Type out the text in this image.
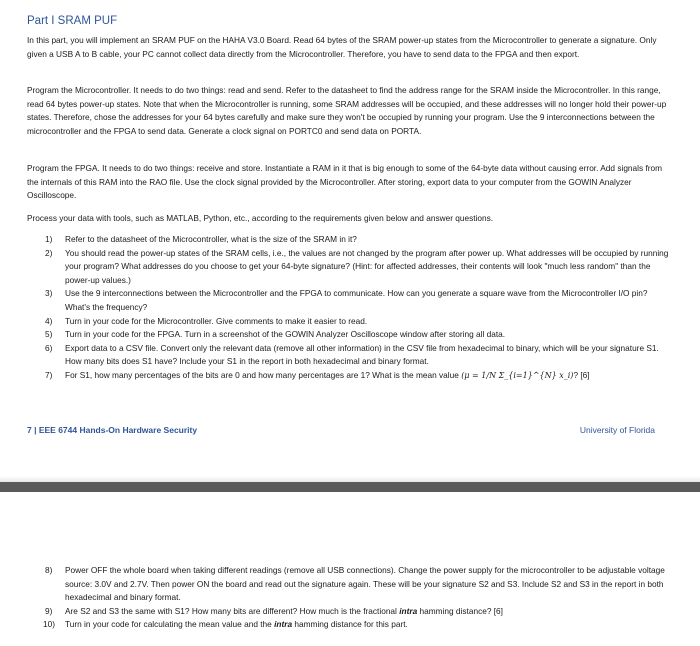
Part I SRAM PUF

In this part, you will implement an SRAM PUF on the HAHA V3.0 Board. Read 64 bytes of the SRAM power-up states from the Microcontroller to generate a signature. Only given a USB A to B cable, your PC cannot collect data directly from the Microcontroller. Therefore, you have to send data to the FPGA and then export.

Program the Microcontroller. It needs to do two things: read and send. Refer to the datasheet to find the address range for the SRAM inside the Microcontroller. In this range, read 64 bytes power-up states. Note that when the Microcontroller is running, some SRAM addresses will be occupied, and these addresses will no longer hold their power-up states. Therefore, chose the addresses for your 64 bytes carefully and make sure they won't be occupied by running your program. Use the 9 interconnections between the microcontroller and the FPGA to send data. Generate a clock signal on PORTC0 and send data on PORTA.

Program the FPGA. It needs to do two things: receive and store. Instantiate a RAM in it that is big enough to some of the 64-byte data without causing error. Add signals from the internals of this RAM into the RAO file. Use the clock signal provided by the Microcontroller. After storing, export data to your computer from the GOWIN Analyzer Oscilloscope.

Process your data with tools, such as MATLAB, Python, etc., according to the requirements given below and answer questions.

1) Refer to the datasheet of the Microcontroller, what is the size of the SRAM in it?
2) You should read the power-up states of the SRAM cells, i.e., the values are not changed by the program after power up. What addresses will be occupied by running your program? What addresses do you choose to get your 64-byte signature? (Hint: for affected addresses, their contents will look "much less random" than the power-up values.)
3) Use the 9 interconnections between the Microcontroller and the FPGA to communicate. How can you generate a square wave from the Microcontroller I/O pin? What's the frequency?
4) Turn in your code for the Microcontroller. Give comments to make it easier to read.
5) Turn in your code for the FPGA. Turn in a screenshot of the GOWIN Analyzer Oscilloscope window after storing all data.
6) Export data to a CSV file. Convert only the relevant data (remove all other information) in the CSV file from hexadecimal to binary, which will be your signature S1. How many bits does S1 have? Include your S1 in the report in both hexadecimal and binary format.
7) For S1, how many percentages of the bits are 0 and how many percentages are 1? What is the mean value (μ = 1/N Σ_{i=1}^{N} x_i)? [6]
7 | EEE 6744 Hands-On Hardware Security	University of Florida
8) Power OFF the whole board when taking different readings (remove all USB connections). Change the power supply for the microcontroller to be adjustable voltage source: 3.0V and 2.7V. Then power ON the board and read out the signature again. These will be your signature S2 and S3. Include S2 and S3 in the report in both hexadecimal and binary format.
9) Are S2 and S3 the same with S1? How many bits are different? How much is the fractional intra hamming distance? [6]
10) Turn in your code for calculating the mean value and the intra hamming distance for this part.
